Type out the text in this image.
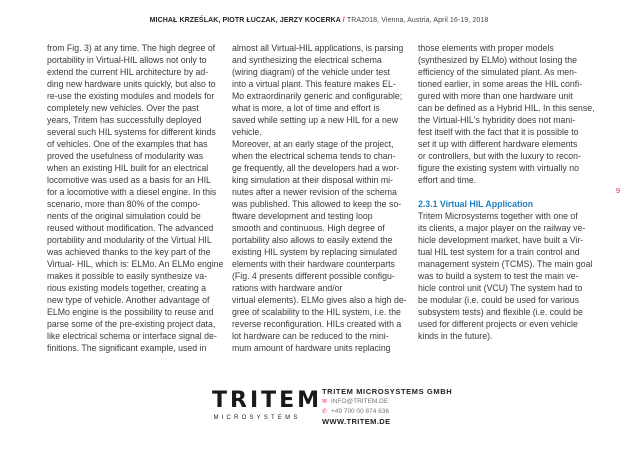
MICHAŁ KRZEŚLAK, PIOTR ŁUCZAK, JERZY KOCERKA / TRA2018, Vienna, Austria, April 16-19, 2018
from Fig. 3) at any time. The high degree of
portability in Virtual-HIL allows not only to
extend the current HIL architecture by ad-
ding new hardware units quickly, but also to
re-use the existing modules and models for
completely new vehicles. Over the past
years, Tritem has successfully deployed
several such HIL systems for different kinds
of vehicles. One of the examples that has
proved the usefulness of modularity was
when an existing HIL built for an electrical
locomotive was used as a basis for an HIL
for a locomotive with a diesel engine. In this
scenario, more than 80% of the compo-
nents of the original simulation could be
reused without modification. The advanced
portability and modularity of the Virtual HIL
was achieved thanks to the key part of the
Virtual- HIL, which is: ELMo. An ELMo engine
makes it possible to easily synthesize va-
rious existing models together, creating a
new type of vehicle. Another advantage of
ELMo engine is the possibility to reuse and
parse some of the pre-existing project data,
like electrical schema or interface signal de-
finitions. The significant example, used in
almost all Virtual-HIL applications, is parsing
and synthesizing the electrical schema
(wiring diagram) of the vehicle under test
into a virtual plant. This feature makes EL-
Mo extraordinarily generic and configurable;
what is more, a lot of time and effort is
saved while setting up a new HIL for a new
vehicle.
Moreover, at an early stage of the project,
when the electrical schema tends to chan-
ge frequently, all the developers had a wor-
king simulation at their disposal within mi-
nutes after a newer revision of the schema
was published. This allowed to keep the so-
ftware development and testing loop
smooth and continuous. High degree of
portability also allows to easily extend the
existing HIL system by replacing simulated
elements with their hardware counterparts
(Fig. 4 presents different possible configu-
rations with hardware and/or
virtual elements). ELMo gives also a high de-
gree of scalability to the HIL system, i.e. the
reverse reconfiguration. HILs created with a
lot hardware can be reduced to the mini-
mum amount of hardware units replacing
those elements with proper models
(synthesized by ELMo) without losing the
efficiency of the simulated plant. As men-
tioned earlier, in some areas the HIL confi-
gured with more than one hardware unit
can be defined as a Hybrid HIL. In this sense,
the Virtual-HIL's hybridity does not mani-
fest itself with the fact that it is possible to
set it up with different hardware elements
or controllers, but with the luxury to recon-
figure the existing system with virtually no
effort and time.
2.3.1 Virtual HIL Application
Tritem Microsystems together with one of
its clients, a major player on the railway ve-
hicle development market, have built a Vir-
tual HIL test system for a train control and
management system (TCMS). The main goal
was to build a system to test the main ve-
hicle control unit (VCU) The system had to
be modular (i.e. could be used for various
subsystem tests) and flexible (i.e. could be
used for different projects or even vehicle
kinds in the future).
9
TRITEM
MICROSYSTEMS
TRITEM MICROSYSTEMS GMBH
✉ INFO@TRITEM.DE
✆ +49 700 00 874 836
WWW.TRITEM.DE
